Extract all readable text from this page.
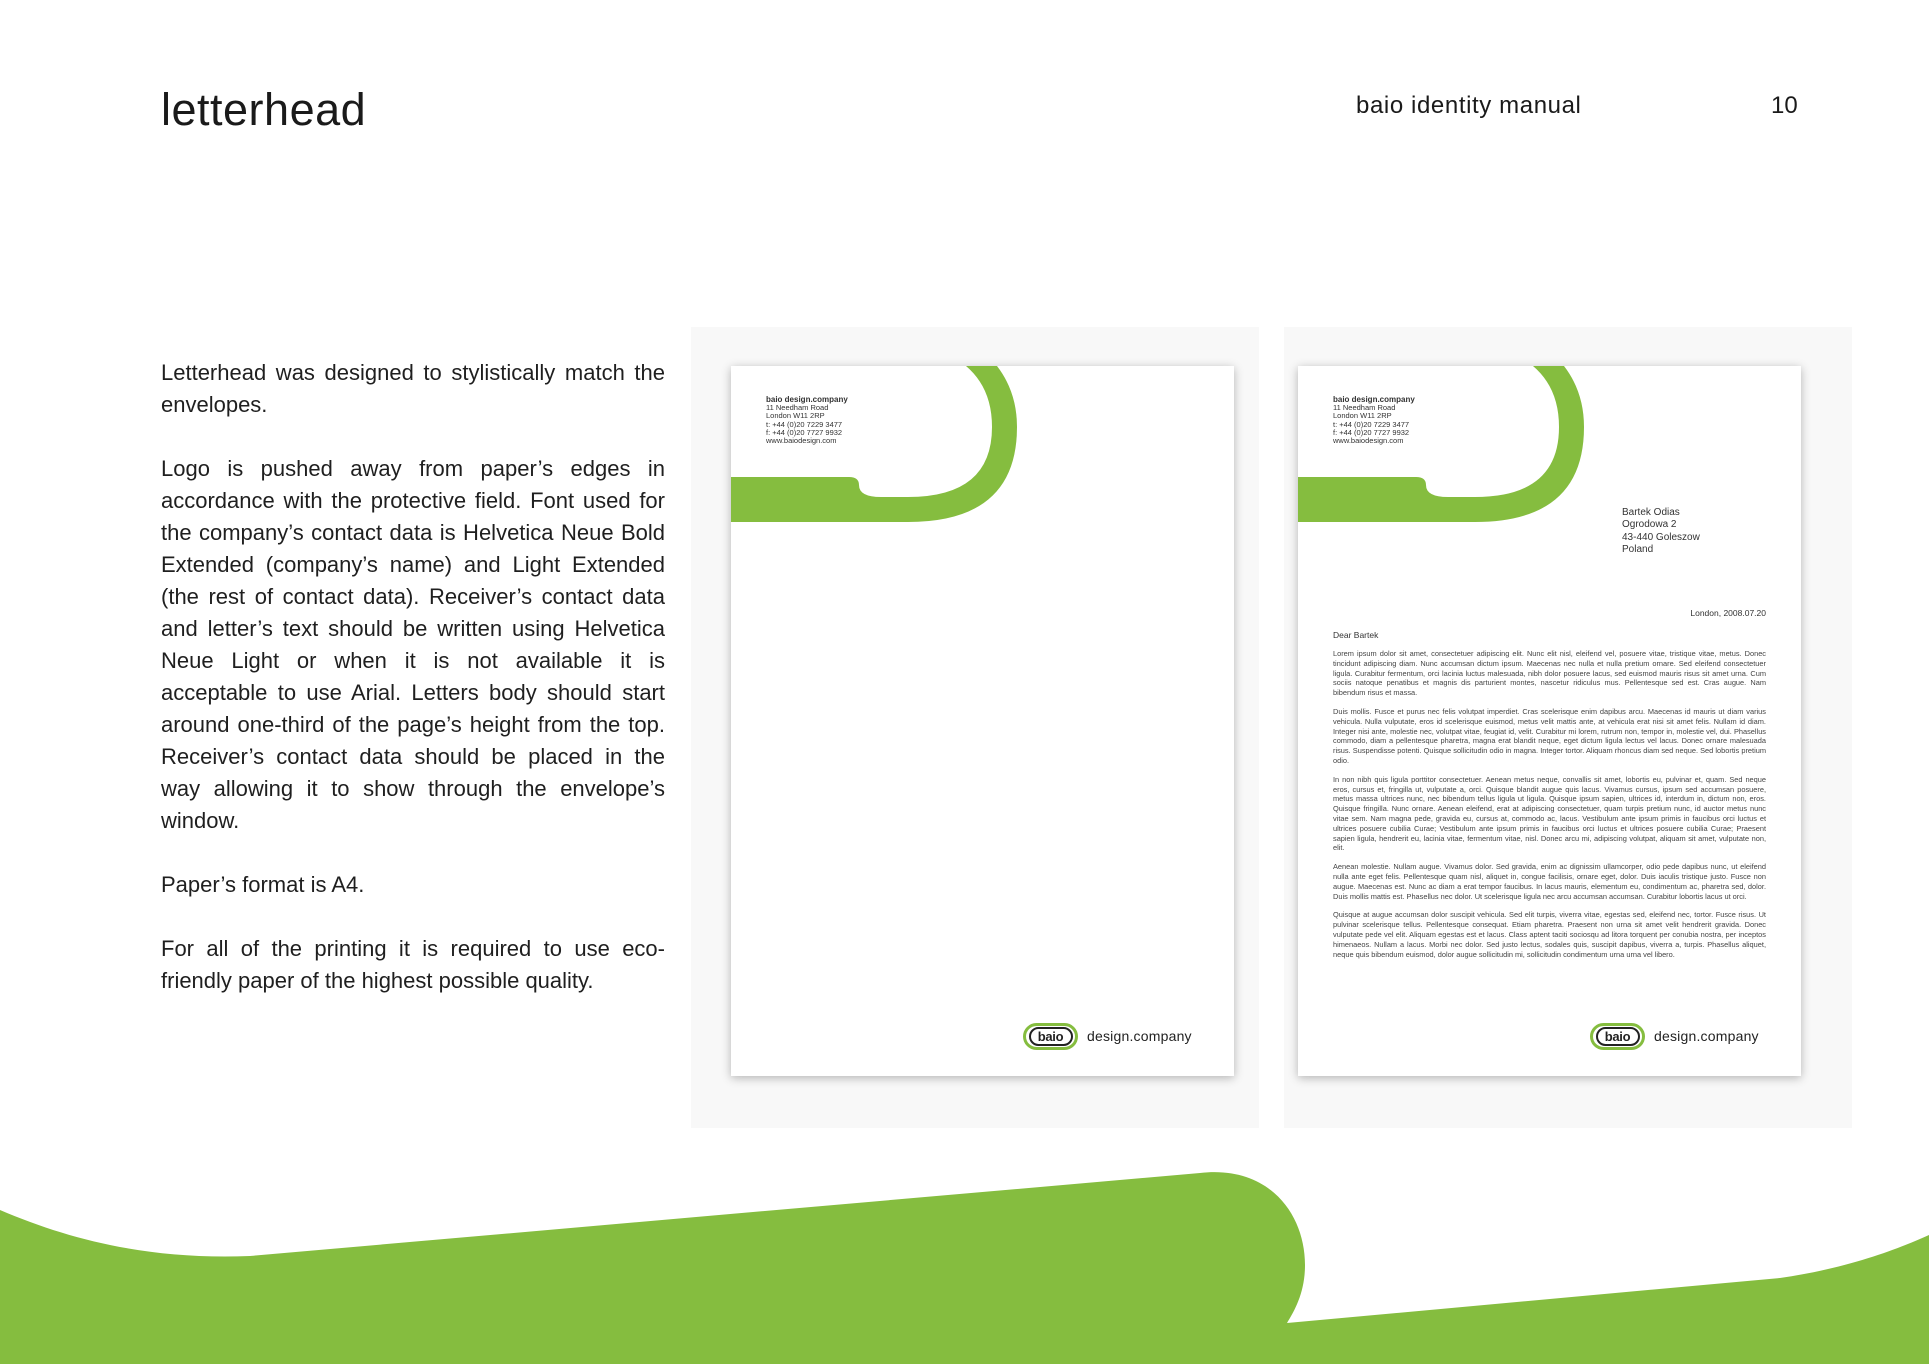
letterhead	baio identity manual	10

Letterhead was designed to stylistically match the envelopes.

Logo is pushed away from paper’s edges in accordance with the protective field. Font used for the company’s contact data is Helvetica Neue Bold Extended (company’s name) and Light Extended (the rest of contact data). Receiver’s contact data and letter’s text should be written using Helvetica Neue Light or when it is not available it is acceptable to use Arial. Letters body should start around one-third of the page’s height from the top. Receiver’s contact data should be placed in the way allowing it to show through the envelope’s window.

Paper’s format is A4.

For all of the printing it is required to use eco-friendly paper of the highest possible quality.

baio design.company
11 Needham Road
London W11 2RP
t: +44 (0)20 7229 3477
f: +44 (0)20 7727 9932
www.baiodesign.com
baio	design.company
baio design.company
11 Needham Road
London W11 2RP
t: +44 (0)20 7229 3477
f: +44 (0)20 7727 9932
www.baiodesign.com
Bartek Odias
Ogrodowa 2
43-440 Goleszow
Poland
London, 2008.07.20
Dear Bartek

Lorem ipsum dolor sit amet, consectetuer adipiscing elit. Nunc elit nisl, eleifend vel, posuere vitae, tristique vitae, metus. Donec tincidunt adipiscing diam. Nunc accumsan dictum ipsum. Maecenas nec nulla et nulla pretium ornare. Sed eleifend consectetuer ligula. Curabitur fermentum, orci lacinia luctus malesuada, nibh dolor posuere lacus, sed euismod mauris risus sit amet urna. Cum sociis natoque penatibus et magnis dis parturient montes, nascetur ridiculus mus. Pellentesque sed est. Cras augue. Nam bibendum risus et massa.

Duis mollis. Fusce et purus nec felis volutpat imperdiet. Cras scelerisque enim dapibus arcu. Maecenas id mauris ut diam varius vehicula. Nulla vulputate, eros id scelerisque euismod, metus velit mattis ante, at vehicula erat nisi sit amet felis. Nullam id diam. Integer nisi ante, molestie nec, volutpat vitae, feugiat id, velit. Curabitur mi lorem, rutrum non, tempor in, molestie vel, dui. Phasellus commodo, diam a pellentesque pharetra, magna erat blandit neque, eget dictum ligula lectus vel lacus. Donec ornare malesuada risus. Suspendisse potenti. Quisque sollicitudin odio in magna. Integer tortor. Aliquam rhoncus diam sed neque. Sed lobortis pretium odio.

In non nibh quis ligula porttitor consectetuer. Aenean metus neque, convallis sit amet, lobortis eu, pulvinar et, quam. Sed neque eros, cursus et, fringilla ut, vulputate a, orci. Quisque blandit augue quis lacus. Vivamus cursus, ipsum sed accumsan posuere, metus massa ultrices nunc, nec bibendum tellus ligula ut ligula. Quisque ipsum sapien, ultrices id, interdum in, dictum non, eros. Quisque fringilla. Nunc ornare. Aenean eleifend, erat at adipiscing consectetuer, quam turpis pretium nunc, id auctor metus nunc vitae sem. Nam magna pede, gravida eu, cursus at, commodo ac, lacus. Vestibulum ante ipsum primis in faucibus orci luctus et ultrices posuere cubilia Curae; Vestibulum ante ipsum primis in faucibus orci luctus et ultrices posuere cubilia Curae; Praesent sapien ligula, hendrerit eu, lacinia vitae, fermentum vitae, nisl. Donec arcu mi, adipiscing volutpat, aliquam sit amet, vulputate non, elit.

Aenean molestie. Nullam augue. Vivamus dolor. Sed gravida, enim ac dignissim ullamcorper, odio pede dapibus nunc, ut eleifend nulla ante eget felis. Pellentesque quam nisl, aliquet in, congue facilisis, ornare eget, dolor. Duis iaculis tristique justo. Fusce non augue. Maecenas est. Nunc ac diam a erat tempor faucibus. In lacus mauris, elementum eu, condimentum ac, pharetra sed, dolor. Duis mollis mattis est. Phasellus nec dolor. Ut scelerisque ligula nec arcu accumsan accumsan. Curabitur lobortis lacus ut orci.

Quisque at augue accumsan dolor suscipit vehicula. Sed elit turpis, viverra vitae, egestas sed, eleifend nec, tortor. Fusce risus. Ut pulvinar scelerisque tellus. Pellentesque consequat. Etiam pharetra. Praesent non urna sit amet velit hendrerit gravida. Donec vulputate pede vel elit. Aliquam egestas est et lacus. Class aptent taciti sociosqu ad litora torquent per conubia nostra, per inceptos himenaeos. Nullam a lacus. Morbi nec dolor. Sed justo lectus, sodales quis, suscipit dapibus, viverra a, turpis. Phasellus aliquet, neque quis bibendum euismod, dolor augue sollicitudin mi, sollicitudin condimentum urna urna vel libero.

baio	design.company
